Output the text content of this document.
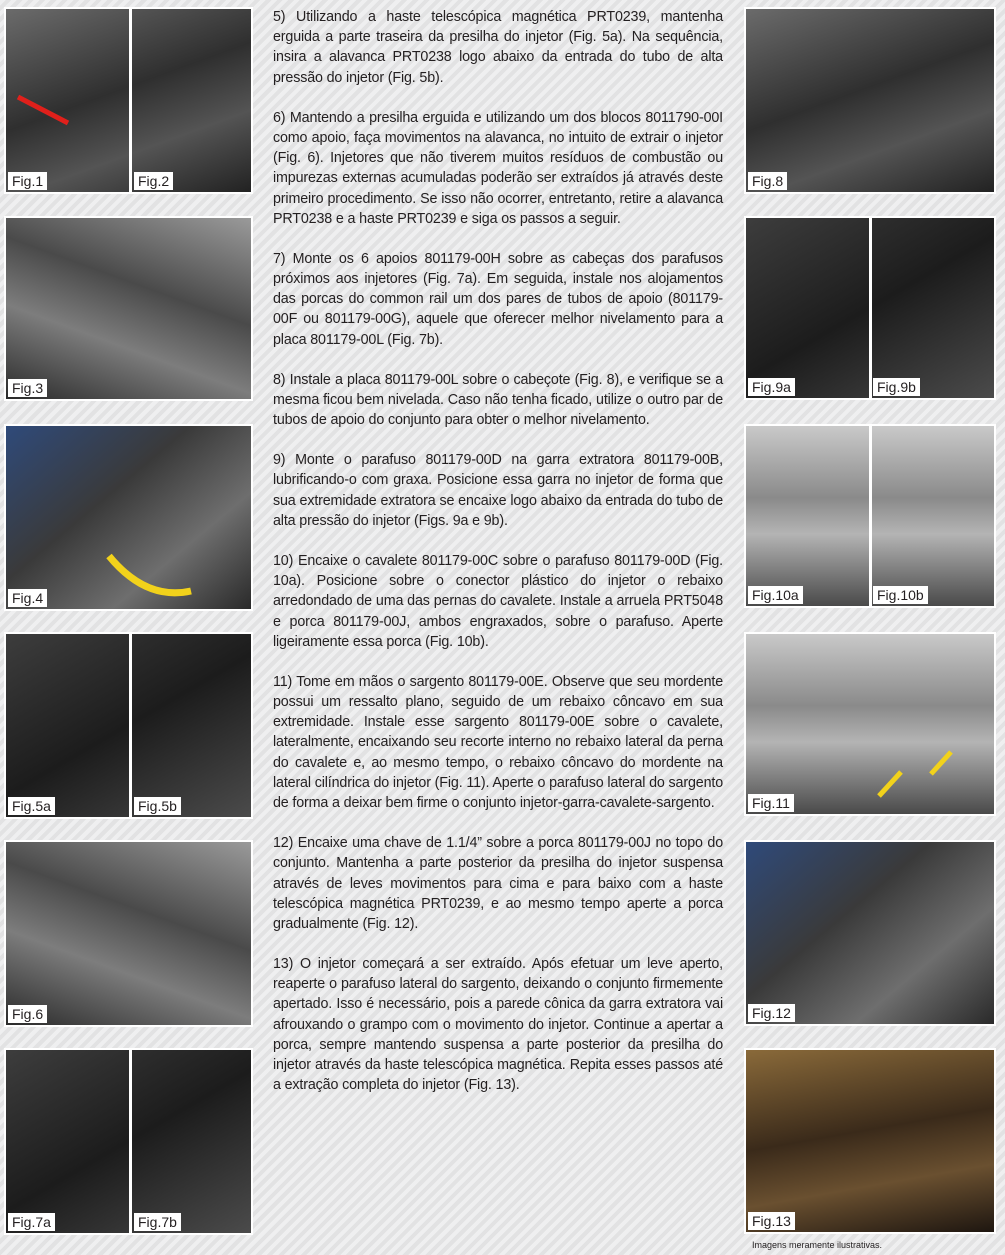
Fig.1	Fig.2
Fig.3
Fig.4
Fig.5a	Fig.5b
Fig.6
Fig.7a	Fig.7b

5) Utilizando a haste telescópica magnética PRT0239, mantenha erguida a parte traseira da presilha do injetor (Fig. 5a). Na sequência, insira a alavanca PRT0238 logo abaixo da entrada do tubo de alta pressão do injetor (Fig. 5b).

6) Mantendo a presilha erguida e utilizando um dos blocos 8011790-00I como apoio, faça movimentos na alavanca, no intuito de extrair o injetor (Fig. 6). Injetores que não tiverem muitos resíduos de combustão ou impurezas externas acumuladas poderão ser extraídos já através deste primeiro procedimento. Se isso não ocorrer, entretanto, retire a alavanca PRT0238 e a haste PRT0239 e siga os passos a seguir.

7) Monte os 6 apoios 801179-00H sobre as cabeças dos parafusos próximos aos injetores (Fig. 7a). Em seguida, instale nos alojamentos das porcas do common rail um dos pares de tubos de apoio (801179-00F ou 801179-00G), aquele que oferecer melhor nivelamento para a placa 801179-00L (Fig. 7b).

8) Instale a placa 801179-00L sobre o cabeçote (Fig. 8), e verifique se a mesma ficou bem nivelada. Caso não tenha ficado, utilize o outro par de tubos de apoio do conjunto para obter o melhor nivelamento.

9) Monte o parafuso 801179-00D na garra extratora 801179-00B, lubrificando-o com graxa. Posicione essa garra no injetor de forma que sua extremidade extratora se encaixe logo abaixo da entrada do tubo de alta pressão do injetor (Figs. 9a e 9b).

10) Encaixe o cavalete 801179-00C sobre o parafuso 801179-00D (Fig. 10a). Posicione sobre o conector plástico do injetor o rebaixo arredondado de uma das pernas do cavalete. Instale a arruela PRT5048 e porca 801179-00J, ambos engraxados, sobre o parafuso. Aperte ligeiramente essa porca (Fig. 10b).

11) Tome em mãos o sargento 801179-00E. Observe que seu mordente possui um ressalto plano, seguido de um rebaixo côncavo em sua extremidade. Instale esse sargento 801179-00E sobre o cavalete, lateralmente, encaixando seu recorte interno no rebaixo lateral da perna do cavalete e, ao mesmo tempo, o rebaixo côncavo do mordente na lateral cilíndrica do injetor (Fig. 11). Aperte o parafuso lateral do sargento de forma a deixar bem firme o conjunto injetor-garra-cavalete-sargento.

12) Encaixe uma chave de 1.1/4” sobre a porca 801179-00J no topo do conjunto. Mantenha a parte posterior da presilha do injetor suspensa através de leves movimentos para cima e para baixo com a haste telescópica magnética PRT0239, e ao mesmo tempo aperte a porca gradualmente (Fig. 12).

13) O injetor começará a ser extraído. Após efetuar um leve aperto, reaperte o parafuso lateral do sargento, deixando o conjunto firmemente apertado. Isso é necessário, pois a parede cônica da garra extratora vai afrouxando o grampo com o movimento do injetor. Continue a apertar a porca, sempre mantendo suspensa a parte posterior da presilha do injetor através da haste telescópica magnética. Repita esses passos até a extração completa do injetor (Fig. 13).

Fig.8
Fig.9a	Fig.9b
Fig.10a	Fig.10b
Fig.11
Fig.12
Fig.13
Imagens meramente ilustrativas.
